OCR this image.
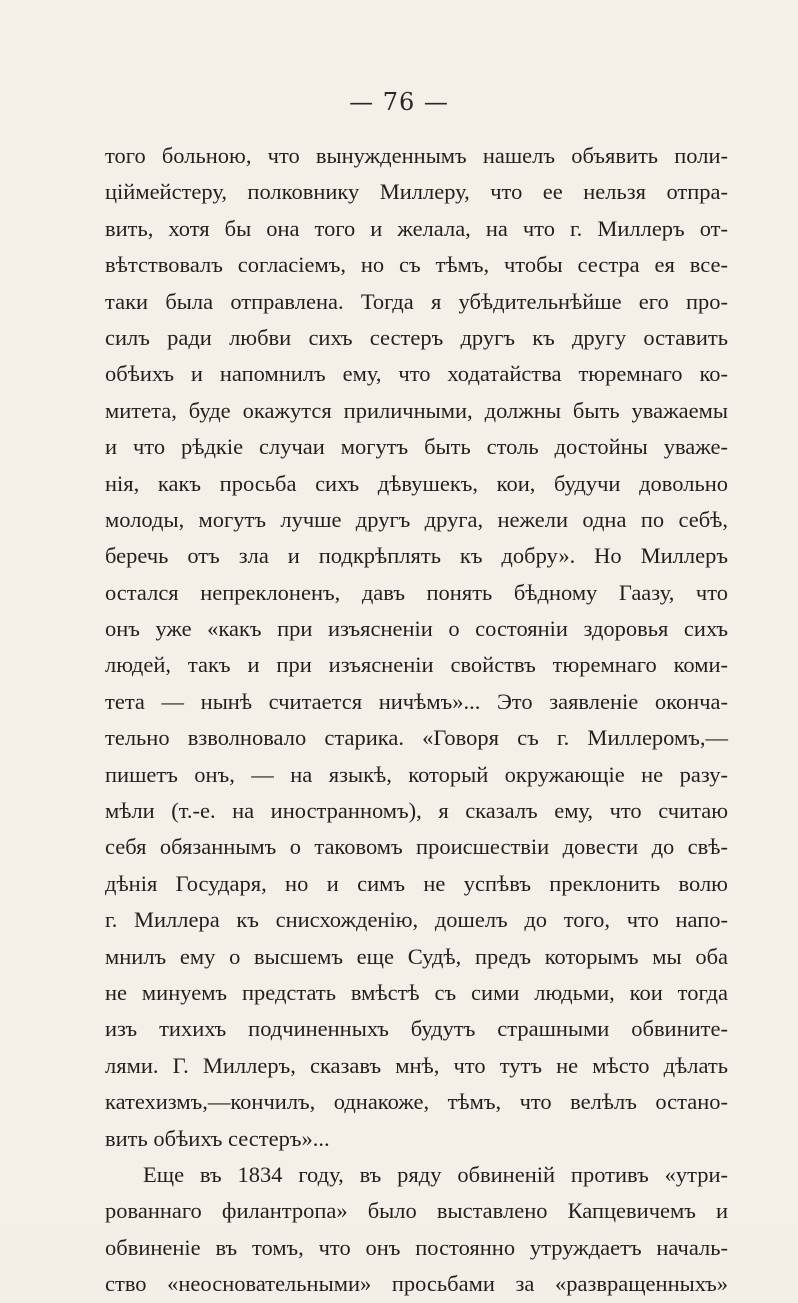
— 76 —
того больною, что вынужденнымъ нашелъ объявить поли-
ціймейстеру, полковнику Миллеру, что ее нельзя отпра-
вить, хотя бы она того и желала, на что г. Миллеръ от-
вѣтствовалъ согласіемъ, но съ тѣмъ, чтобы сестра ея все-
таки была отправлена. Тогда я убѣдительнѣйше его про-
силъ ради любви сихъ сестеръ другъ къ другу оставить
обѣихъ и напомнилъ ему, что ходатайства тюремнаго ко-
митета, буде окажутся приличными, должны быть уважаемы
и что рѣдкіе случаи могутъ быть столь достойны уваже-
нія, какъ просьба сихъ дѣвушекъ, кои, будучи довольно
молоды, могутъ лучше другъ друга, нежели одна по себѣ,
беречь отъ зла и подкрѣплять къ добру». Но Миллеръ
остался непреклоненъ, давъ понять бѣдному Гаазу, что
онъ уже «какъ при изъясненіи о состояніи здоровья сихъ
людей, такъ и при изъясненіи свойствъ тюремнаго коми-
тета — нынѣ считается ничѣмъ»... Это заявленіе оконча-
тельно взволновало старика. «Говоря съ г. Миллеромъ,—
пишетъ онъ, — на языкѣ, который окружающіе не разу-
мѣли (т.-е. на иностранномъ), я сказалъ ему, что считаю
себя обязаннымъ о таковомъ происшествіи довести до свѣ-
дѣнія Государя, но и симъ не успѣвъ преклонить волю
г. Миллера къ снисхожденію, дошелъ до того, что напо-
мнилъ ему о высшемъ еще Судѣ, предъ которымъ мы оба
не минуемъ предстать вмѣстѣ съ сими людьми, кои тогда
изъ тихихъ подчиненныхъ будутъ страшными обвините-
лями. Г. Миллеръ, сказавъ мнѣ, что тутъ не мѣсто дѣлать
катехизмъ,—кончилъ, однакоже, тѣмъ, что велѣлъ остано-
вить обѣихъ сестеръ»...
Еще въ 1834 году, въ ряду обвиненій противъ «утри-
рованнаго филантропа» было выставлено Капцевичемъ и
обвиненіе въ томъ, что онъ постоянно утруждаетъ началь-
ство «неосновательными» просьбами за «развращенныхъ»
